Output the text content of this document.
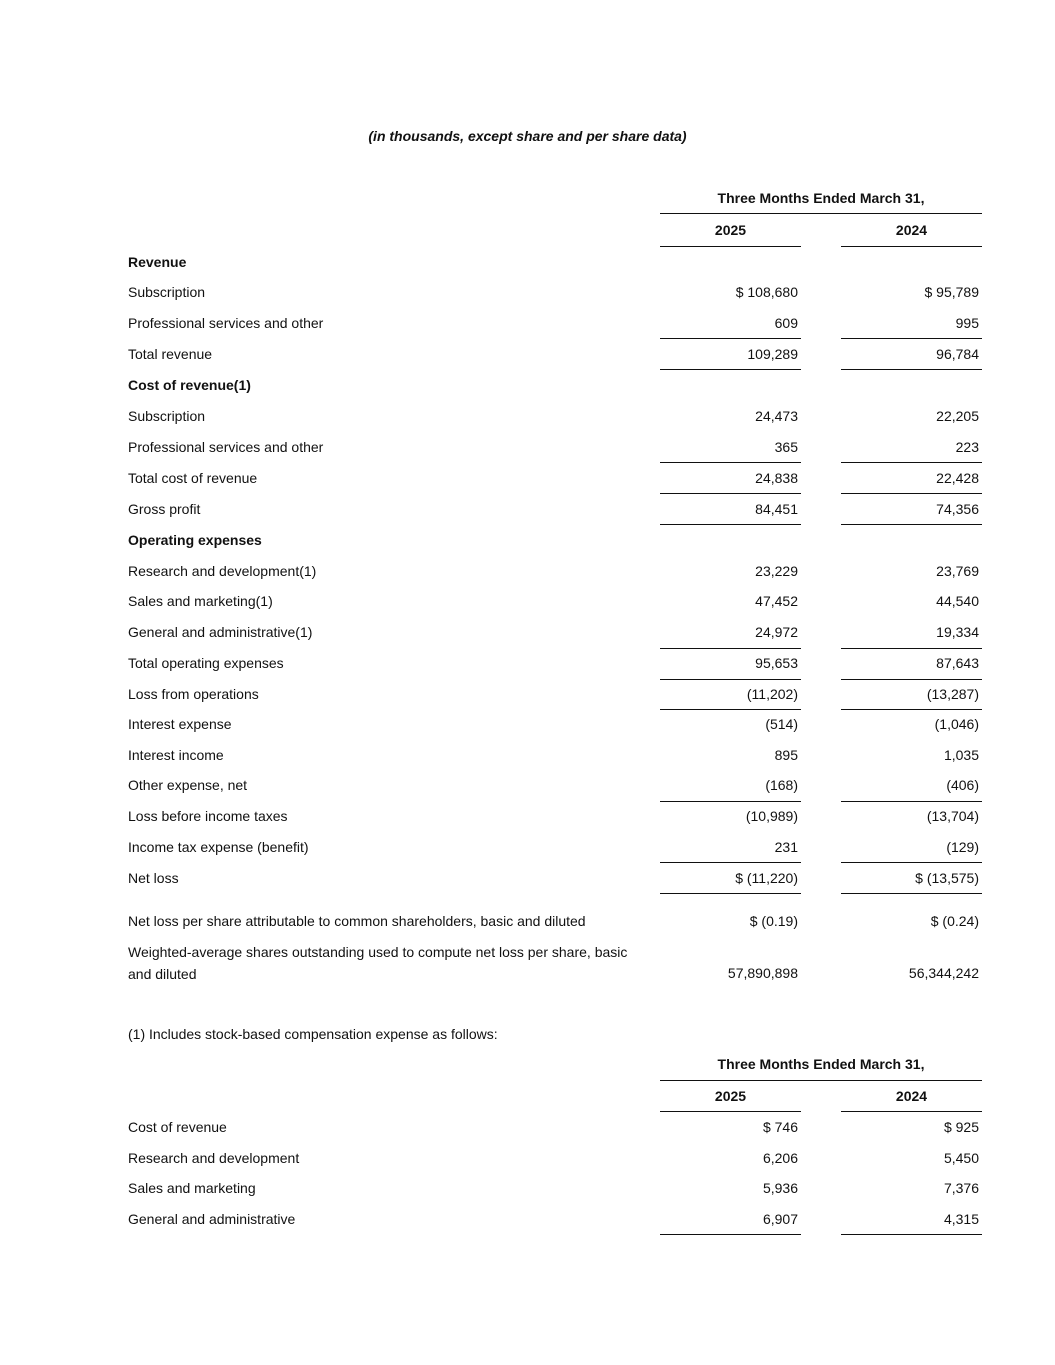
(in thousands, except share and per share data)
Three Months Ended March 31,
2025	2024
Revenue
Subscription	$ 108,680	$ 95,789
Professional services and other	609	995
Total revenue	109,289	96,784
Cost of revenue(1)
Subscription	24,473	22,205
Professional services and other	365	223
Total cost of revenue	24,838	22,428
Gross profit	84,451	74,356
Operating expenses
Research and development(1)	23,229	23,769
Sales and marketing(1)	47,452	44,540
General and administrative(1)	24,972	19,334
Total operating expenses	95,653	87,643
Loss from operations	(11,202)	(13,287)
Interest expense	(514)	(1,046)
Interest income	895	1,035
Other expense, net	(168)	(406)
Loss before income taxes	(10,989)	(13,704)
Income tax expense (benefit)	231	(129)
Net loss	$ (11,220)	$ (13,575)
Net loss per share attributable to common shareholders, basic and diluted	$ (0.19)	$ (0.24)
Weighted-average shares outstanding used to compute net loss per share, basic and diluted	57,890,898	56,344,242
(1) Includes stock-based compensation expense as follows:
Three Months Ended March 31,
2025	2024
Cost of revenue	$ 746	$ 925
Research and development	6,206	5,450
Sales and marketing	5,936	7,376
General and administrative	6,907	4,315
